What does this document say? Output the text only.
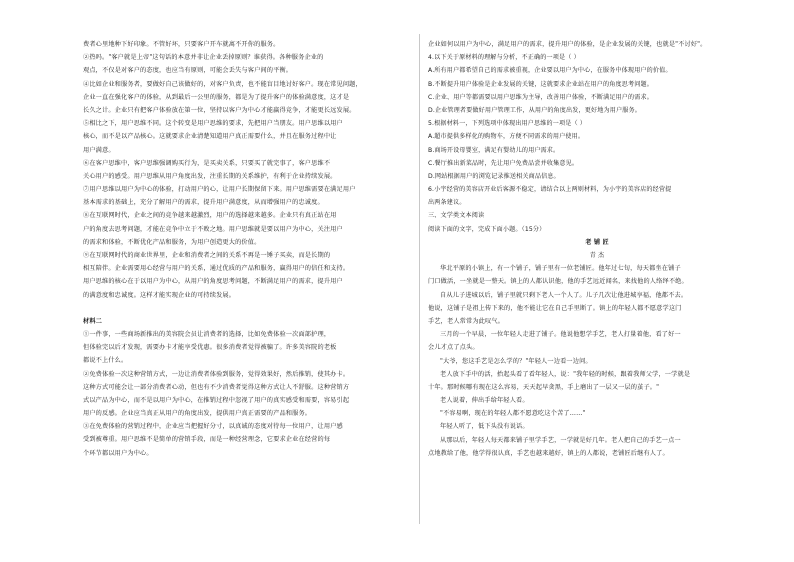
费者心里地种下好印象。不管好坏，只要客户开车就离不开你的服务。
②热吗。"客户就是上帝"这句话的本意并非让企业丢掉原则？谁获得。各种服务企业的
观点，不仅是对客户的态度，也应当有原则，可能会丢失与客户间的平衡。
④比如企业和服务者，要做好自己该做好的，对客户负责，也不能盲目地讨好客户。现在常见问题，
企业一直在强化客户的体验，从到最后一公里的服务，都是为了提升客户的体验满意度，这才是
长久之计。企业只有把客户体验放在第一位，坚持以客户为中心才能赢得竞争，才能更长远发展。
⑤相比之下，用户思维不同。这个转变是用户思维的要求，先把用户当朋友。用户思维以用户
核心，而不是以产品核心。这就要求企业清楚知道用户真正需要什么，并且在服务过程中让
用户满意。
⑥在客户思维中，客户思维强调购买行为，是买卖关系，只要买了就完事了，客户思维不
关心用户的感受。用户思维从用户角度出发，注重长期的关系维护，有利于企业持续发展。
⑦用户思维以用户为中心的体验，打动用户的心，让用户长期保留下来。用户思维需要在满足用户
基本需求的基础上，充分了解用户的需求，提升用户满意度，从而增强用户的忠诚度。
⑧在互联网时代，企业之间的竞争越来越激烈，用户的选择越来越多。企业只有真正站在用
户的角度去思考问题，才能在竞争中立于不败之地。用户思维就是要以用户为中心，关注用户
的需求和体验，不断优化产品和服务，为用户创造更大的价值。
⑨在互联网时代的商业世界里，企业和消费者之间的关系不再是一锤子买卖，而是长期的
相互陪伴。企业需要用心经营与用户的关系，通过优质的产品和服务，赢得用户的信任和支持。
用户思维的核心在于以用户为中心，从用户的角度思考问题，不断满足用户的需求，提升用户
的满意度和忠诚度。这样才能实现企业的可持续发展。
材料二
①一件事，一些商场新推出的美容院会员让消费者的选择，比如免费体验一次面部护理，
但体验完以后才发现，需要办卡才能享受优惠。很多消费者觉得被骗了。许多美容院的老板
都说不上什么。
②免费体验一次这种营销方式，一边让消费者体验到服务，觉得效果好，然后推销，使其办卡。
这种方式可能会让一部分消费者心动，但也有不少消费者觉得这种方式让人不舒服。这种营销方
式以产品为中心，而不是以用户为中心，在推销过程中忽视了用户的真实感受和需要，容易引起
用户的反感。企业应当真正从用户的角度出发，提供用户真正需要的产品和服务。
③在免费体验的营销过程中，企业应当把握好分寸，以真诚的态度对待每一位用户，让用户感
受到被尊重。用户思维不是简单的营销手段，而是一种经营理念，它要求企业在经营的每
个环节都以用户为中心。
企业如何以用户为中心，满足用户的需求，提升用户的体验，是企业发展的关键，也就是"不讨好"。
4.以下关于原材料的理解与分析，不正确的一项是（ ）
A.所有用户都希望自己的需求被重视，企业要以用户为中心，在服务中体现用户的价值。
B.不断提升用户体验是企业发展的关键，这就要求企业站在用户的角度思考问题。
C.企业、用户等都需要以用户思维为主导，改善用户体验，不断满足用户的需求。
D.企业管理者要做好用户管理工作，从用户的角度出发，更好地为用户服务。
5.根据材料一，下列选项中体现出用户思维的一项是（ ）
A.超市提供多样化的购物车，方便不同需求的用户使用。
B.商场开设母婴室，满足有婴幼儿的用户需求。
C.餐厅推出新菜品时，先让用户免费品尝并收集意见。
D.网站根据用户的浏览记录推送相关商品信息。
6.小宇经营的美容店开业后客源不稳定，请结合以上两则材料，为小宇的美容店的经营提
出两条建议。
三、文学类文本阅读
阅读下面的文字，完成下面小题。（15分）
老 铺 匠
青 杰
华北平原的小镇上，有一个铺子，铺子里有一位老铺匠。他年过七旬，每天都坐在铺子
门口做活，一坐就是一整天。镇上的人都认识他，他的手艺远近闻名，来找他的人络绎不绝。
自从儿子进城以后，铺子里就只剩下老人一个人了。儿子几次让他进城享福，他都不去。
他说，这铺子是祖上传下来的，他不能让它在自己手里断了。镇上的年轻人都不愿意学这门
手艺，老人常常为此叹气。
三月的一个早晨，一位年轻人走进了铺子。他说他想学手艺，老人打量着他，看了好一
会儿才点了点头。
"大爷，您这手艺是怎么学的？"年轻人一边看一边问。
老人放下手中的活，抬起头看了看年轻人，说："我年轻的时候，跟着我师父学，一学就是
十年。那时候哪有现在这么容易，天天起早贪黑，手上磨出了一层又一层的茧子。"
老人说着，伸出手给年轻人看。
"不容易啊，现在的年轻人都不愿意吃这个苦了……"
年轻人听了，低下头没有说话。
从那以后，年轻人每天都来铺子里学手艺，一学就是好几年。老人把自己的手艺一点一
点地教给了他，他学得很认真，手艺也越来越好，镇上的人都说，老铺匠后继有人了。
